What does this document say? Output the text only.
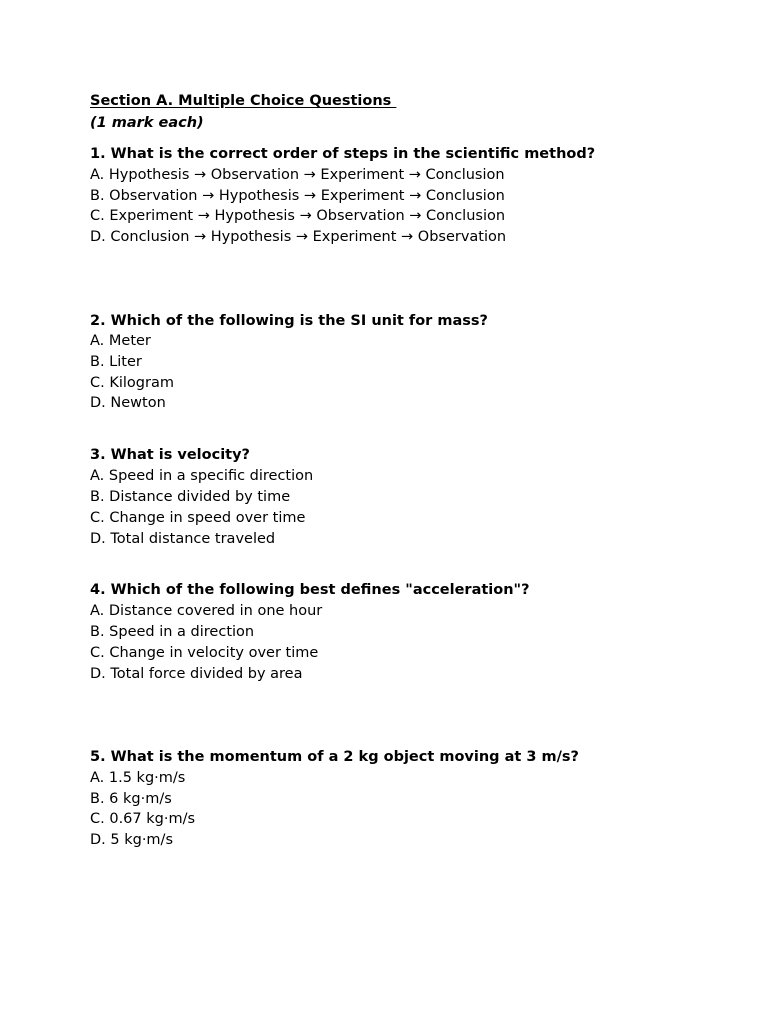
Section A. Multiple Choice Questions
(1 mark each)
1. What is the correct order of steps in the scientific method?
A. Hypothesis → Observation → Experiment → Conclusion
B. Observation → Hypothesis → Experiment → Conclusion
C. Experiment → Hypothesis → Observation → Conclusion
D. Conclusion → Hypothesis → Experiment → Observation
2. Which of the following is the SI unit for mass?
A. Meter
B. Liter
C. Kilogram
D. Newton
3. What is velocity?
A. Speed in a specific direction
B. Distance divided by time
C. Change in speed over time
D. Total distance traveled
4. Which of the following best defines "acceleration"?
A. Distance covered in one hour
B. Speed in a direction
C. Change in velocity over time
D. Total force divided by area
5. What is the momentum of a 2 kg object moving at 3 m/s?
A. 1.5 kg·m/s
B. 6 kg·m/s
C. 0.67 kg·m/s
D. 5 kg·m/s
